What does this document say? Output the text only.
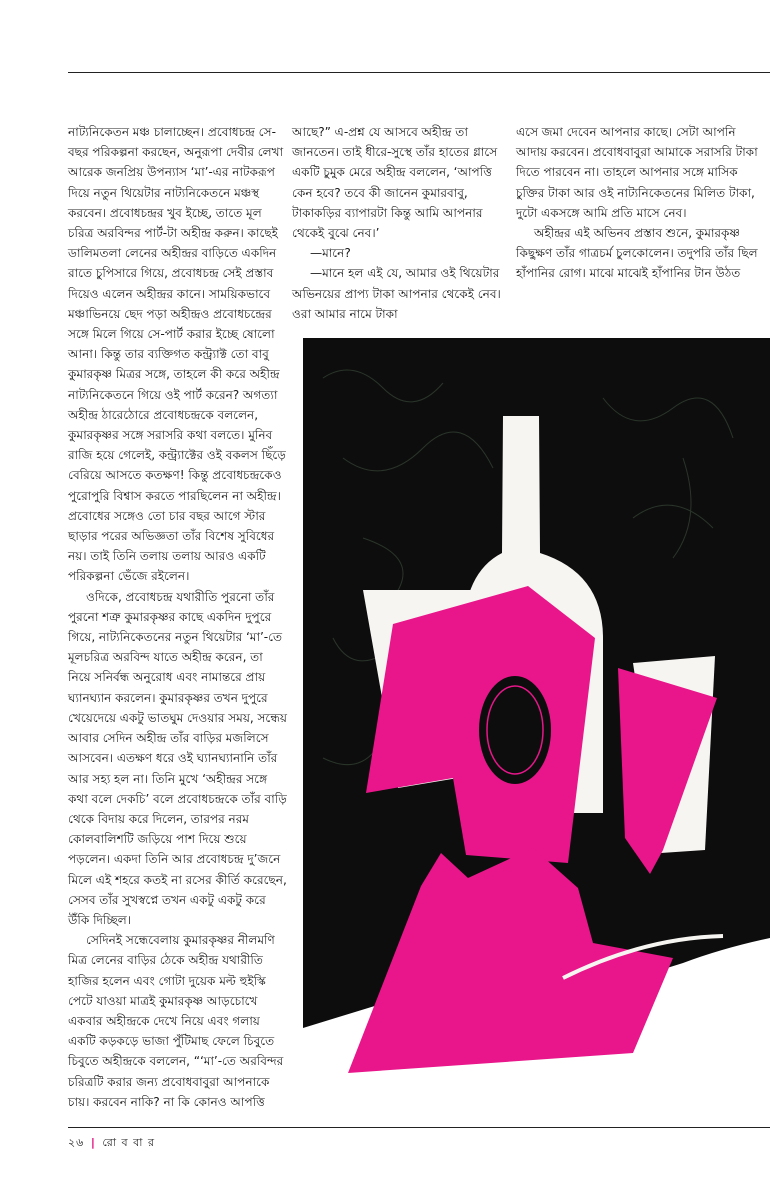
নাট্যনিকেতন মঞ্চ চালাচ্ছেন। প্রবোধচন্দ্র সে-বছর পরিকল্পনা করছেন, অনুরূপা দেবীর লেখা আরেক জনপ্রিয় উপন্যাস ‘মা’-এর নাটকরূপ দিয়ে নতুন থিয়েটার নাট্যনিকেতনে মঞ্চস্থ করবেন। প্রবোধচন্দ্রর খুব ইচ্ছে, তাতে মূল চরিত্র অরবিন্দর পার্ট-টা অহীন্দ্র করুন। কাছেই ডালিমতলা লেনের অহীন্দ্রর বাড়িতে একদিন রাতে চুপিসারে গিয়ে, প্রবোধচন্দ্র সেই প্রস্তাব দিয়েও এলেন অহীন্দ্রর কানে। সাময়িকভাবে মঞ্চাভিনয়ে ছেদ পড়া অহীন্দ্রও প্রবোধচন্দ্রের সঙ্গে মিলে গিয়ে সে-পার্ট করার ইচ্ছে ষোলো আনা। কিন্তু তার ব্যক্তিগত কন্ট্র্যাক্ট তো বাবু কুমারকৃষ্ণ মিত্রর সঙ্গে, তাহলে কী করে অহীন্দ্র নাট্যনিকেতনে গিয়ে ওই পার্ট করেন? অগত্যা অহীন্দ্র ঠারেঠোরে প্রবোধচন্দ্রকে বললেন, কুমারকৃষ্ণর সঙ্গে সরাসরি কথা বলতে। মুনিব রাজি হয়ে গেলেই, কন্ট্র্যাক্টের ওই বকলস ছিঁড়ে বেরিয়ে আসতে কতক্ষণ! কিন্তু প্রবোধচন্দ্রকেও পুরোপুরি বিশ্বাস করতে পারছিলেন না অহীন্দ্র। প্রবোধের সঙ্গেও তো চার বছর আগে স্টার ছাড়ার পরের অভিজ্ঞতা তাঁর বিশেষ সুবিধের নয়। তাই তিনি তলায় তলায় আরও একটি পরিকল্পনা ভেঁজে রইলেন।

ওদিকে, প্রবোধচন্দ্র যথারীতি পুরনো তাঁর পুরনো শত্রু কুমারকৃষ্ণর কাছে একদিন দুপুরে গিয়ে, নাট্যনিকেতনের নতুন থিয়েটার ‘মা’-তে মূলচরিত্র অরবিন্দ যাতে অহীন্দ্র করেন, তা নিয়ে সনির্বন্ধ অনুরোধ এবং নামান্তরে প্রায় ঘ্যানঘ্যান করলেন। কুমারকৃষ্ণর তখন দুপুরে খেয়েদেয়ে একটু ভাতঘুম দেওয়ার সময়, সন্ধেয় আবার সেদিন অহীন্দ্র তাঁর বাড়ির মজলিসে আসবেন। এতক্ষণ ধরে ওই ঘ্যানঘ্যানানি তাঁর আর সহ্য হল না। তিনি মুখে ‘অহীন্দ্রর সঙ্গে কথা বলে দেকচি’ বলে প্রবোধচন্দ্রকে তাঁর বাড়ি থেকে বিদায় করে দিলেন, তারপর নরম কোলবালিশটি জড়িয়ে পাশ দিয়ে শুয়ে পড়লেন। একদা তিনি আর প্রবোধচন্দ্র দু’জনে মিলে এই শহরে কতই না রসের কীর্তি করেছেন, সেসব তাঁর সুখস্বপ্নে তখন একটু একটু করে উঁকি দিচ্ছিল।

সেদিনই সন্ধেবেলায় কুমারকৃষ্ণর নীলমণি মিত্র লেনের বাড়ির ঠেকে অহীন্দ্র যথারীতি হাজির হলেন এবং গোটা দুয়েক মল্ট হুইস্কি পেটে যাওয়া মাত্রই কুমারকৃষ্ণ আড়চোখে একবার অহীন্দ্রকে দেখে নিয়ে এবং গলায় একটি কড়কড়ে ভাজা পুঁটিমাছ ফেলে চিবুতে চিবুতে অহীন্দ্রকে বললেন, “‘মা’-তে অরবিন্দর চরিত্রটি করার জন্য প্রবোধবাবুরা আপনাকে চায়। করবেন নাকি? না কি কোনও আপত্তি

আছে?” এ-প্রশ্ন যে আসবে অহীন্দ্র তা জানতেন। তাই ধীরে-সুস্থে তাঁর হাতের গ্লাসে একটি চুমুক মেরে অহীন্দ্র বললেন, ‘আপত্তি কেন হবে? তবে কী জানেন কুমারবাবু, টাকাকড়ির ব্যাপারটা কিন্তু আমি আপনার থেকেই বুঝে নেব।’

—মানে?

—মানে হল এই যে, আমার ওই থিয়েটার অভিনয়ের প্রাপ্য টাকা আপনার থেকেই নেব। ওরা আমার নামে টাকা

এসে জমা দেবেন আপনার কাছে। সেটা আপনি আদায় করবেন। প্রবোধবাবুরা আমাকে সরাসরি টাকা দিতে পারবেন না। তাহলে আপনার সঙ্গে মাসিক চুক্তির টাকা আর ওই নাট্যনিকেতনের মিলিত টাকা, দুটো একসঙ্গে আমি প্রতি মাসে নেব।

অহীন্দ্রর এই অভিনব প্রস্তাব শুনে, কুমারকৃষ্ণ কিছুক্ষণ তাঁর গাত্রচর্ম চুলকোলেন। তদুপরি তাঁর ছিল হাঁপানির রোগ। মাঝে মাঝেই হাঁপানির টান উঠত

২৬ | রো ব বা র
